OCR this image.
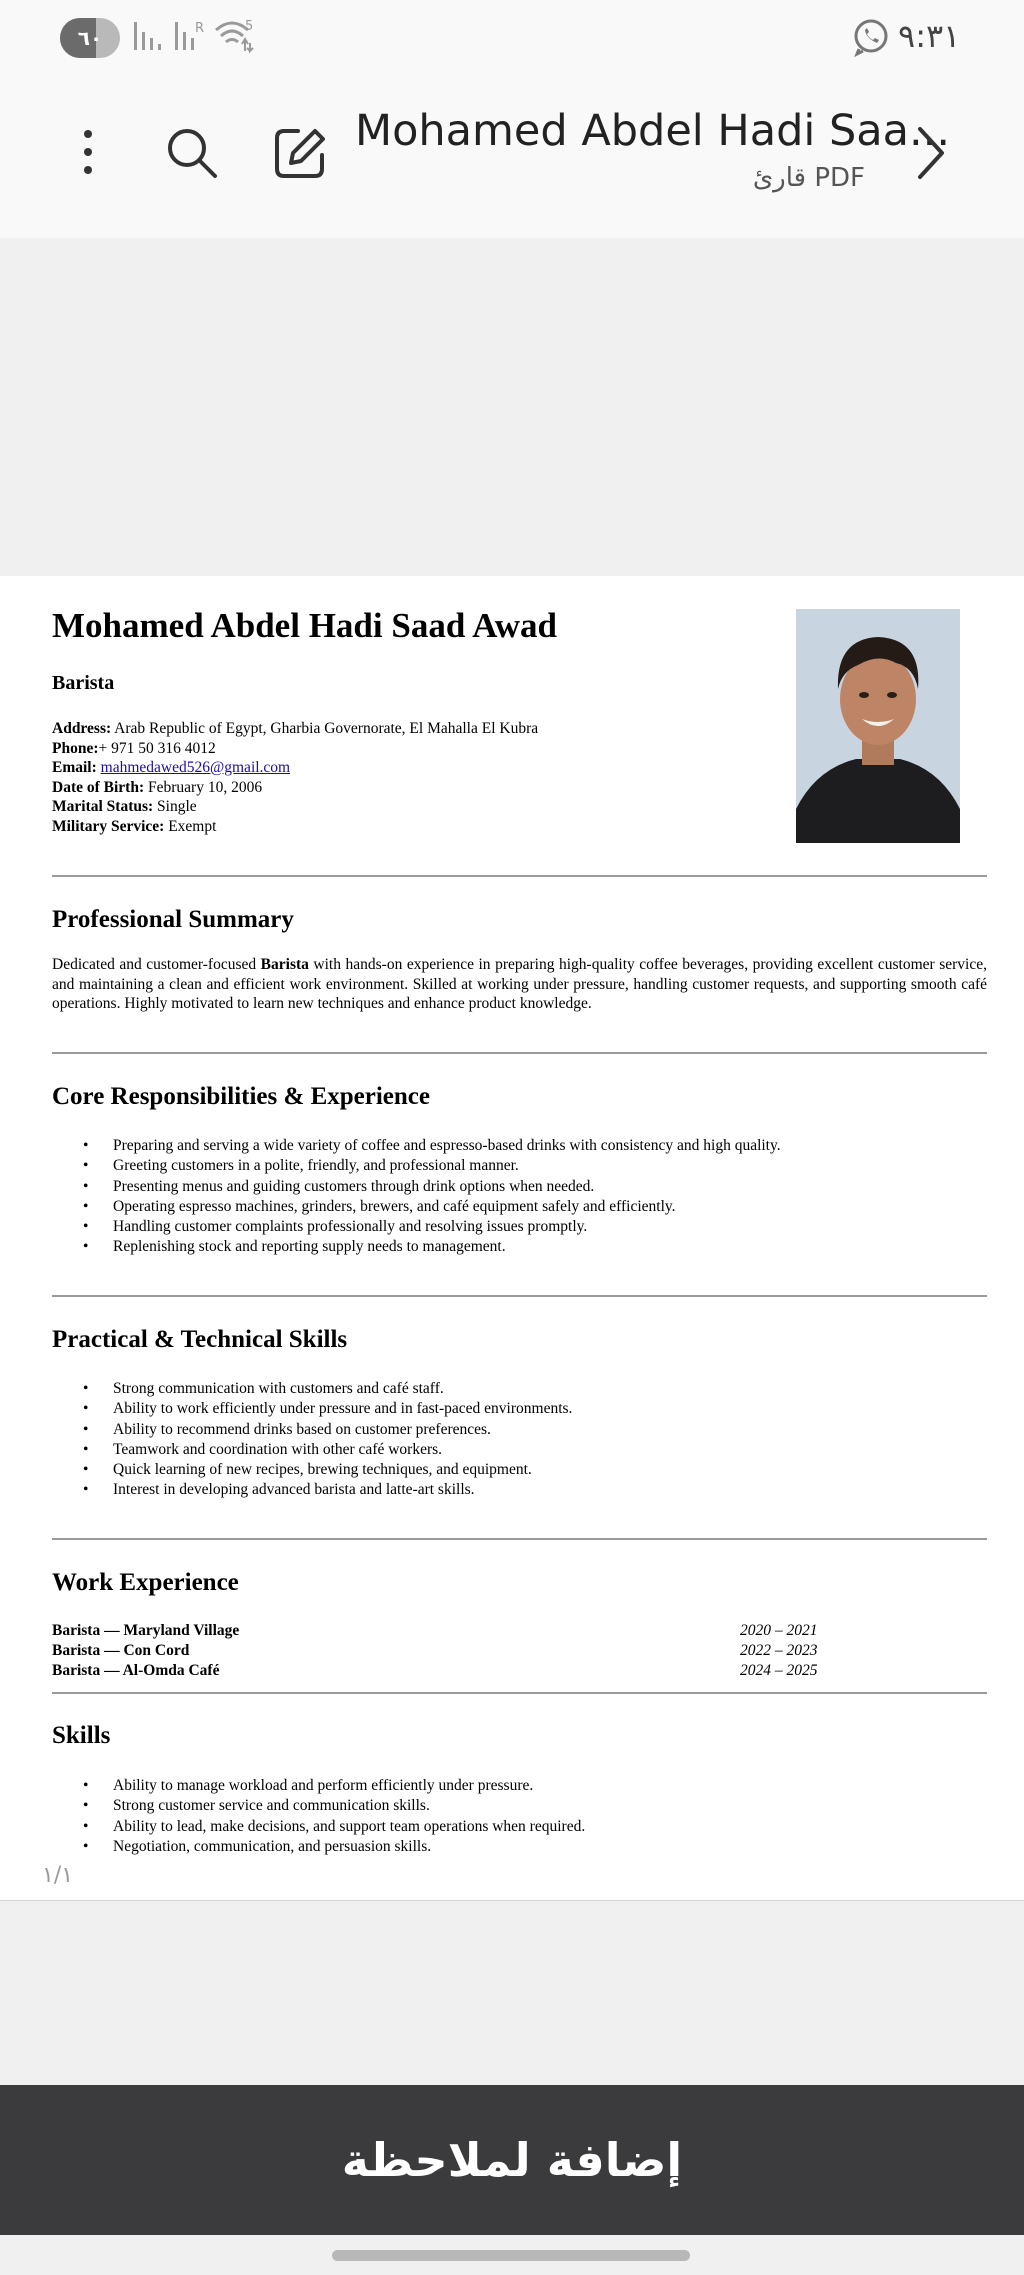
٦٠	R	5	٩:٣١
Mohamed Abdel Hadi Saa...
قارئ PDF
Mohamed Abdel Hadi Saad Awad
Barista
Address: Arab Republic of Egypt, Gharbia Governorate, El Mahalla El Kubra
Phone:+ 971 50 316 4012
Email: mahmedawed526@gmail.com
Date of Birth: February 10, 2006
Marital Status: Single
Military Service: Exempt
Professional Summary
Dedicated and customer-focused Barista with hands-on experience in preparing high-quality coffee beverages, providing excellent customer service, and maintaining a clean and efficient work environment. Skilled at working under pressure, handling customer requests, and supporting smooth café operations. Highly motivated to learn new techniques and enhance product knowledge.
Core Responsibilities & Experience
• Preparing and serving a wide variety of coffee and espresso-based drinks with consistency and high quality.
• Greeting customers in a polite, friendly, and professional manner.
• Presenting menus and guiding customers through drink options when needed.
• Operating espresso machines, grinders, brewers, and café equipment safely and efficiently.
• Handling customer complaints professionally and resolving issues promptly.
• Replenishing stock and reporting supply needs to management.
Practical & Technical Skills
• Strong communication with customers and café staff.
• Ability to work efficiently under pressure and in fast-paced environments.
• Ability to recommend drinks based on customer preferences.
• Teamwork and coordination with other café workers.
• Quick learning of new recipes, brewing techniques, and equipment.
• Interest in developing advanced barista and latte-art skills.
Work Experience
Barista — Maryland Village	2020 – 2021
Barista — Con Cord	2022 – 2023
Barista — Al-Omda Café	2024 – 2025
Skills
• Ability to manage workload and perform efficiently under pressure.
• Strong customer service and communication skills.
• Ability to lead, make decisions, and support team operations when required.
• Negotiation, communication, and persuasion skills.
١/١
إضافة لملاحظة
